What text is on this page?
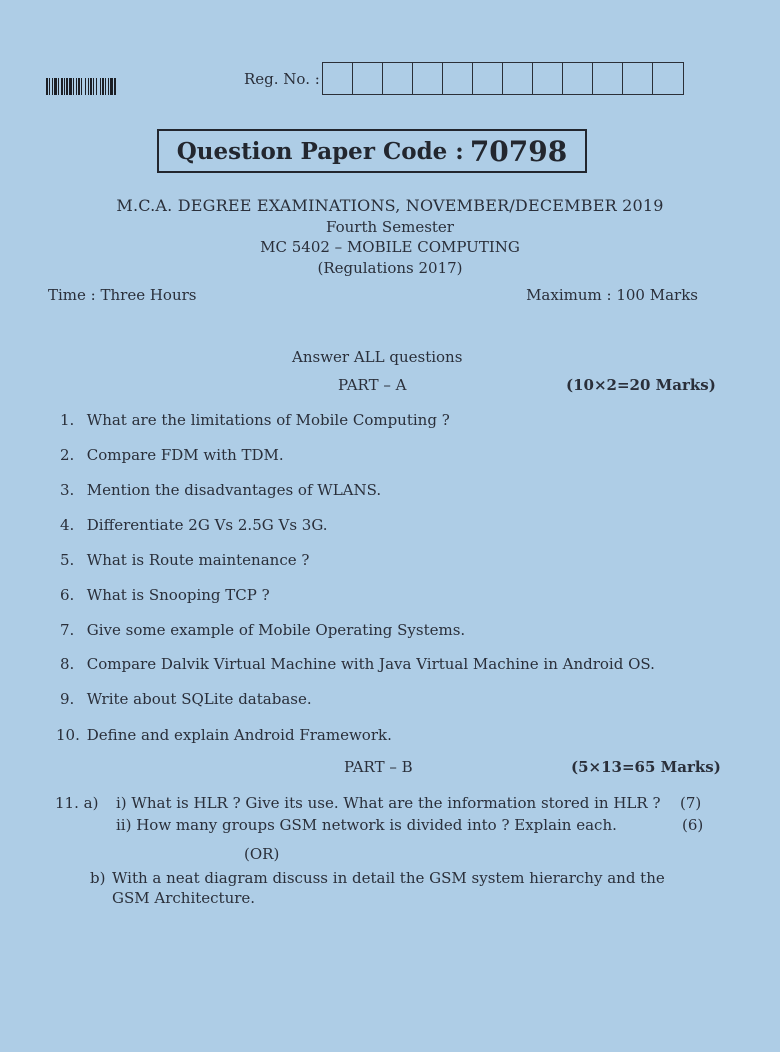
Reg. No. :
Question Paper Code : 70798
M.C.A. DEGREE EXAMINATIONS, NOVEMBER/DECEMBER 2019
Fourth Semester
MC 5402 – MOBILE COMPUTING
(Regulations 2017)
Time : Three Hours	Maximum : 100 Marks
Answer ALL questions
PART – A	(10×2=20 Marks)
1. What are the limitations of Mobile Computing ?
2. Compare FDM with TDM.
3. Mention the disadvantages of WLANS.
4. Differentiate 2G Vs 2.5G Vs 3G.
5. What is Route maintenance ?
6. What is Snooping TCP ?
7. Give some example of Mobile Operating Systems.
8. Compare Dalvik Virtual Machine with Java Virtual Machine in Android OS.
9. Write about SQLite database.
10. Define and explain Android Framework.
PART – B	(5×13=65 Marks)
11. a) i) What is HLR ? Give its use. What are the information stored in HLR ? (7)
ii) How many groups GSM network is divided into ? Explain each.	(6)
(OR)
b) With a neat diagram discuss in detail the GSM system hierarchy and the GSM Architecture.
